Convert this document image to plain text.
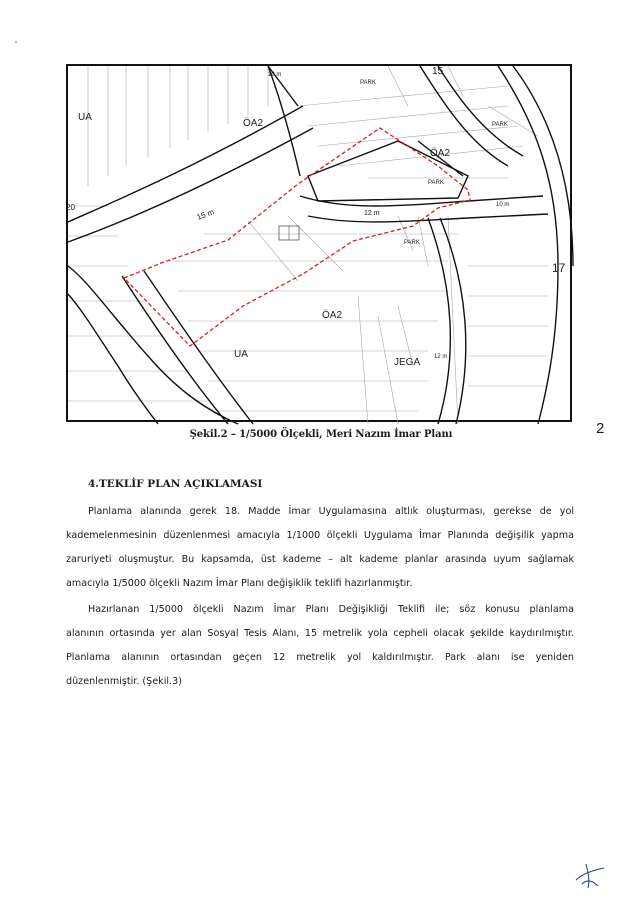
UA
ÖA2
PARK
PARK
ÖA2
PARK
PARK
15
15 m	12 m
10 m
10 m
17
20
ÖA2
UA
JEGA 12 m
Şekil.2 – 1/5000 Ölçekli, Meri Nazım İmar Planı	2
4.TEKLİF PLAN AÇIKLAMASI
Planlama alanında gerek 18. Madde İmar Uygulamasına altlık oluşturması, gerekse de yol
kademelenmesinin düzenlenmesi amacıyla 1/1000 ölçekli Uygulama İmar Planında değişilik yapma
zaruriyeti oluşmuştur. Bu kapsamda, üst kademe – alt kademe planlar arasında uyum sağlamak
amacıyla 1/5000 ölçekli Nazım İmar Planı değişiklik teklifi hazırlanmıştır.
Hazırlanan 1/5000 ölçekli Nazım İmar Planı Değişikliği Teklifi ile; söz konusu planlama
alanının ortasında yer alan Sosyal Tesis Alanı, 15 metrelik yola cepheli olacak şekilde kaydırılmıştır.
Planlama alanının ortasından geçen 12 metrelik yol kaldırılmıştır. Park alanı ise yeniden
düzenlenmiştir. (Şekil.3)
